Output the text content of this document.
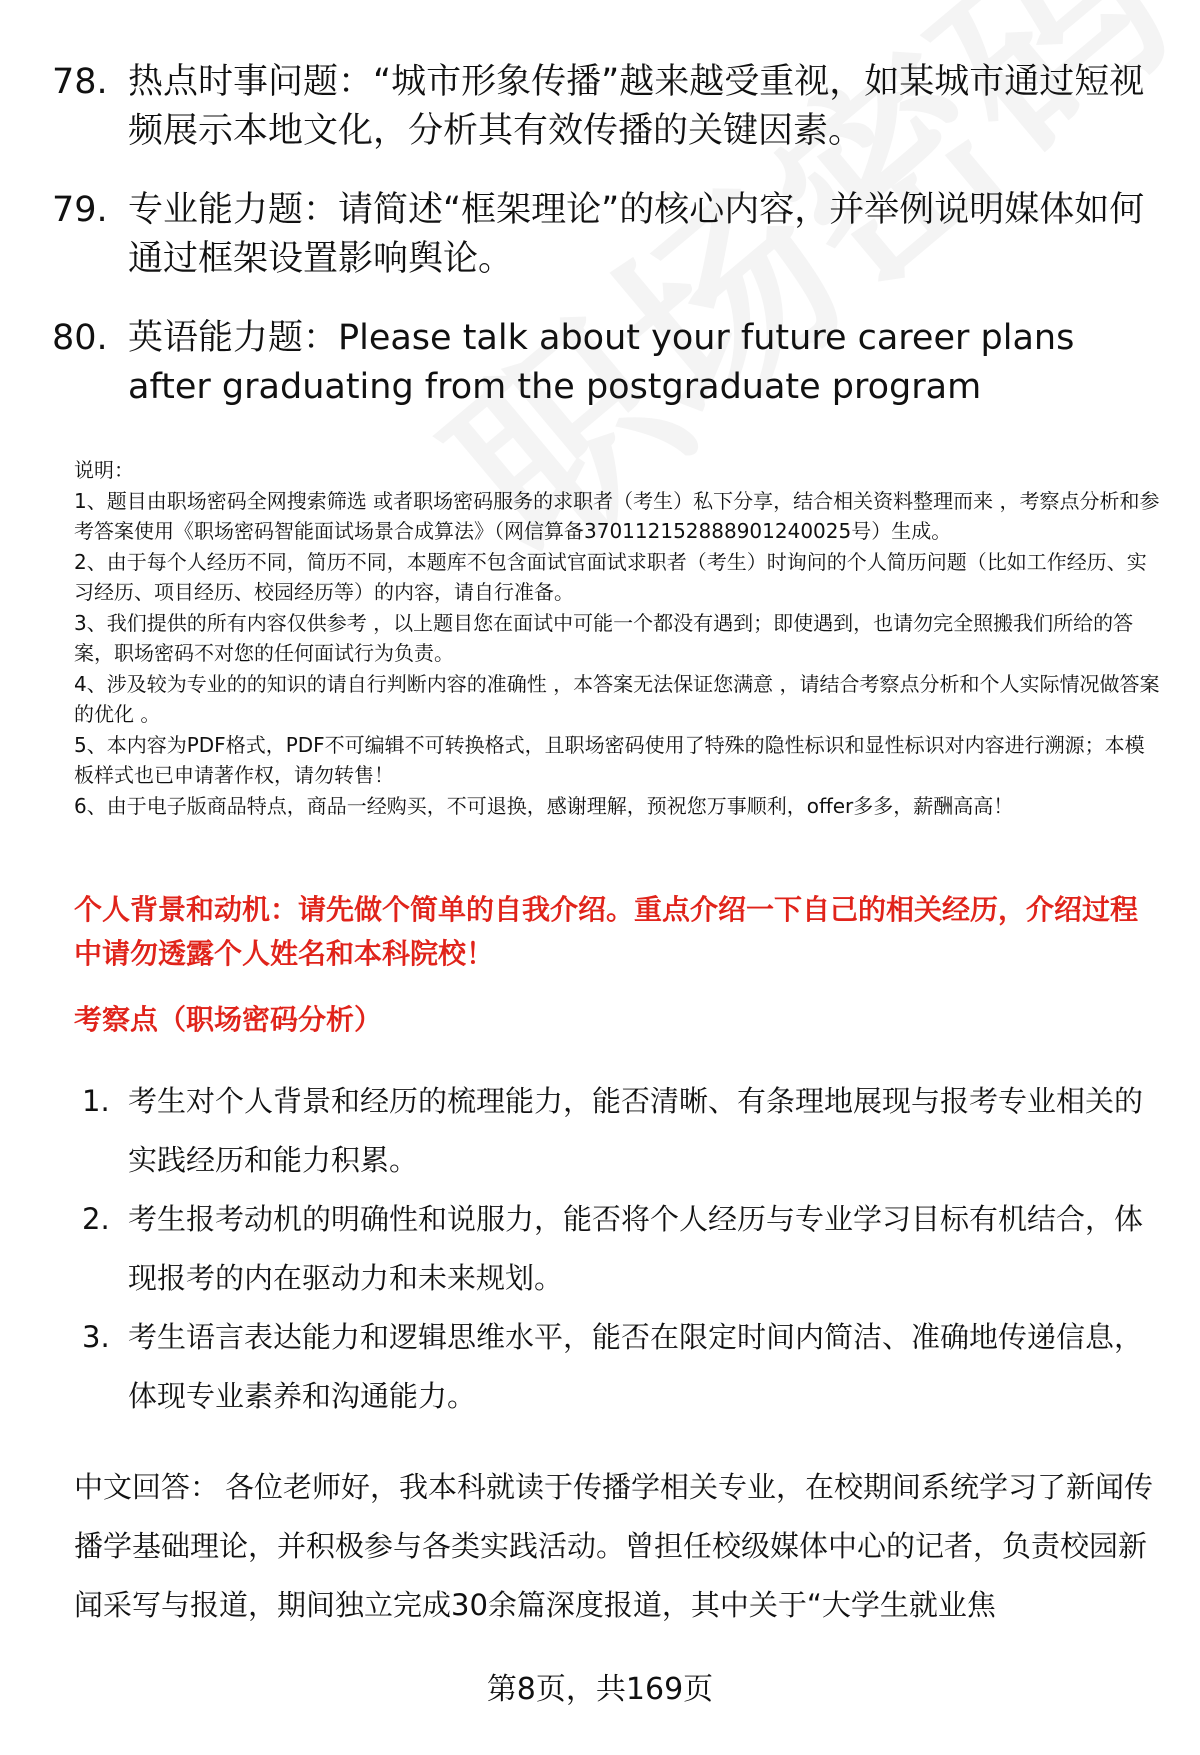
78. 热点时事问题：“城市形象传播”越来越受重视，如某城市通过短视频展示本地文化，分析其有效传播的关键因素。
79. 专业能力题：请简述“框架理论”的核心内容，并举例说明媒体如何通过框架设置影响舆论。
80. 英语能力题：Please talk about your future career plans after graduating from the postgraduate program
说明：
1、题目由职场密码全网搜索筛选 或者职场密码服务的求职者（考生）私下分享，结合相关资料整理而来 ，考察点分析和参考答案使用《职场密码智能面试场景合成算法》（网信算备370112152888901240025号）生成。
2、由于每个人经历不同，简历不同，本题库不包含面试官面试求职者（考生）时询问的个人简历问题（比如工作经历、实习经历、项目经历、校园经历等）的内容，请自行准备。
3、我们提供的所有内容仅供参考 ，以上题目您在面试中可能一个都没有遇到；即使遇到，也请勿完全照搬我们所给的答案，职场密码不对您的任何面试行为负责。
4、涉及较为专业的的知识的请自行判断内容的准确性 ，本答案无法保证您满意 ，请结合考察点分析和个人实际情况做答案的优化 。
5、本内容为PDF格式，PDF不可编辑不可转换格式，且职场密码使用了特殊的隐性标识和显性标识对内容进行溯源；本模板样式也已申请著作权，请勿转售！
6、由于电子版商品特点，商品一经购买，不可退换，感谢理解，预祝您万事顺利，offer多多，薪酬高高！
个人背景和动机：请先做个简单的自我介绍。重点介绍一下自己的相关经历，介绍过程中请勿透露个人姓名和本科院校！
考察点（职场密码分析）
1. 考生对个人背景和经历的梳理能力，能否清晰、有条理地展现与报考专业相关的实践经历和能力积累。
2. 考生报考动机的明确性和说服力，能否将个人经历与专业学习目标有机结合，体现报考的内在驱动力和未来规划。
3. 考生语言表达能力和逻辑思维水平，能否在限定时间内简洁、准确地传递信息，体现专业素养和沟通能力。
中文回答： 各位老师好，我本科就读于传播学相关专业，在校期间系统学习了新闻传播学基础理论，并积极参与各类实践活动。曾担任校级媒体中心的记者，负责校园新闻采写与报道，期间独立完成30余篇深度报道，其中关于“大学生就业焦
第8页，共169页
